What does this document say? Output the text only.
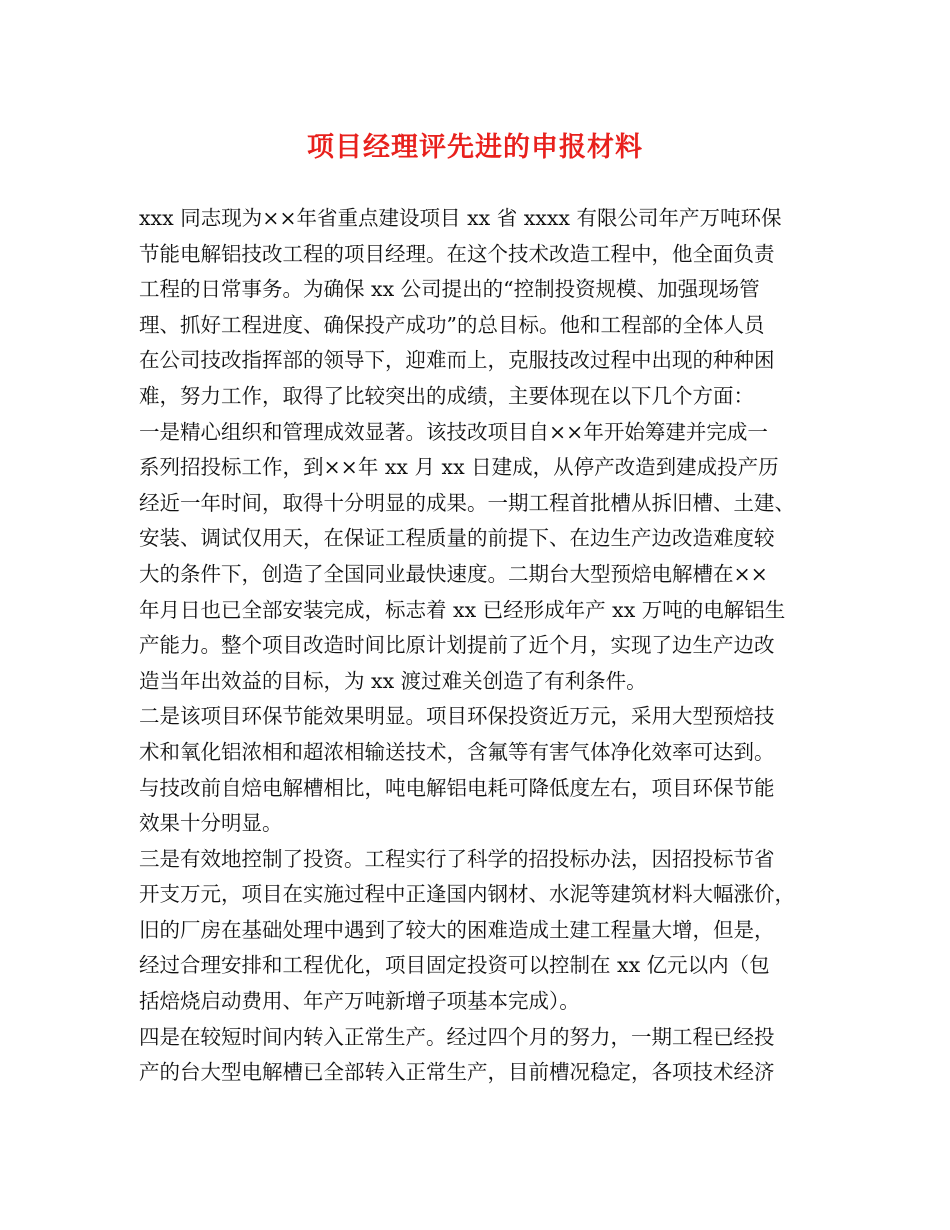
项目经理评先进的申报材料
xxx 同志现为××年省重点建设项目 xx 省 xxxx 有限公司年产万吨环保
节能电解铝技改工程的项目经理。在这个技术改造工程中，他全面负责
工程的日常事务。为确保 xx 公司提出的“控制投资规模、加强现场管
理、抓好工程进度、确保投产成功”的总目标。他和工程部的全体人员
在公司技改指挥部的领导下，迎难而上，克服技改过程中出现的种种困
难，努力工作，取得了比较突出的成绩，主要体现在以下几个方面：
一是精心组织和管理成效显著。该技改项目自××年开始筹建并完成一
系列招投标工作，到××年 xx 月 xx 日建成，从停产改造到建成投产历
经近一年时间，取得十分明显的成果。一期工程首批槽从拆旧槽、土建、
安装、调试仅用天，在保证工程质量的前提下、在边生产边改造难度较
大的条件下，创造了全国同业最快速度。二期台大型预焙电解槽在××
年月日也已全部安装完成，标志着 xx 已经形成年产 xx 万吨的电解铝生
产能力。整个项目改造时间比原计划提前了近个月，实现了边生产边改
造当年出效益的目标，为 xx 渡过难关创造了有利条件。
二是该项目环保节能效果明显。项目环保投资近万元，采用大型预焙技
术和氧化铝浓相和超浓相输送技术，含氟等有害气体净化效率可达到。
与技改前自焙电解槽相比，吨电解铝电耗可降低度左右，项目环保节能
效果十分明显。
三是有效地控制了投资。工程实行了科学的招投标办法，因招投标节省
开支万元，项目在实施过程中正逢国内钢材、水泥等建筑材料大幅涨价，
旧的厂房在基础处理中遇到了较大的困难造成土建工程量大增，但是，
经过合理安排和工程优化，项目固定投资可以控制在 xx 亿元以内（包
括焙烧启动费用、年产万吨新增子项基本完成）。
四是在较短时间内转入正常生产。经过四个月的努力，一期工程已经投
产的台大型电解槽已全部转入正常生产，目前槽况稳定，各项技术经济
